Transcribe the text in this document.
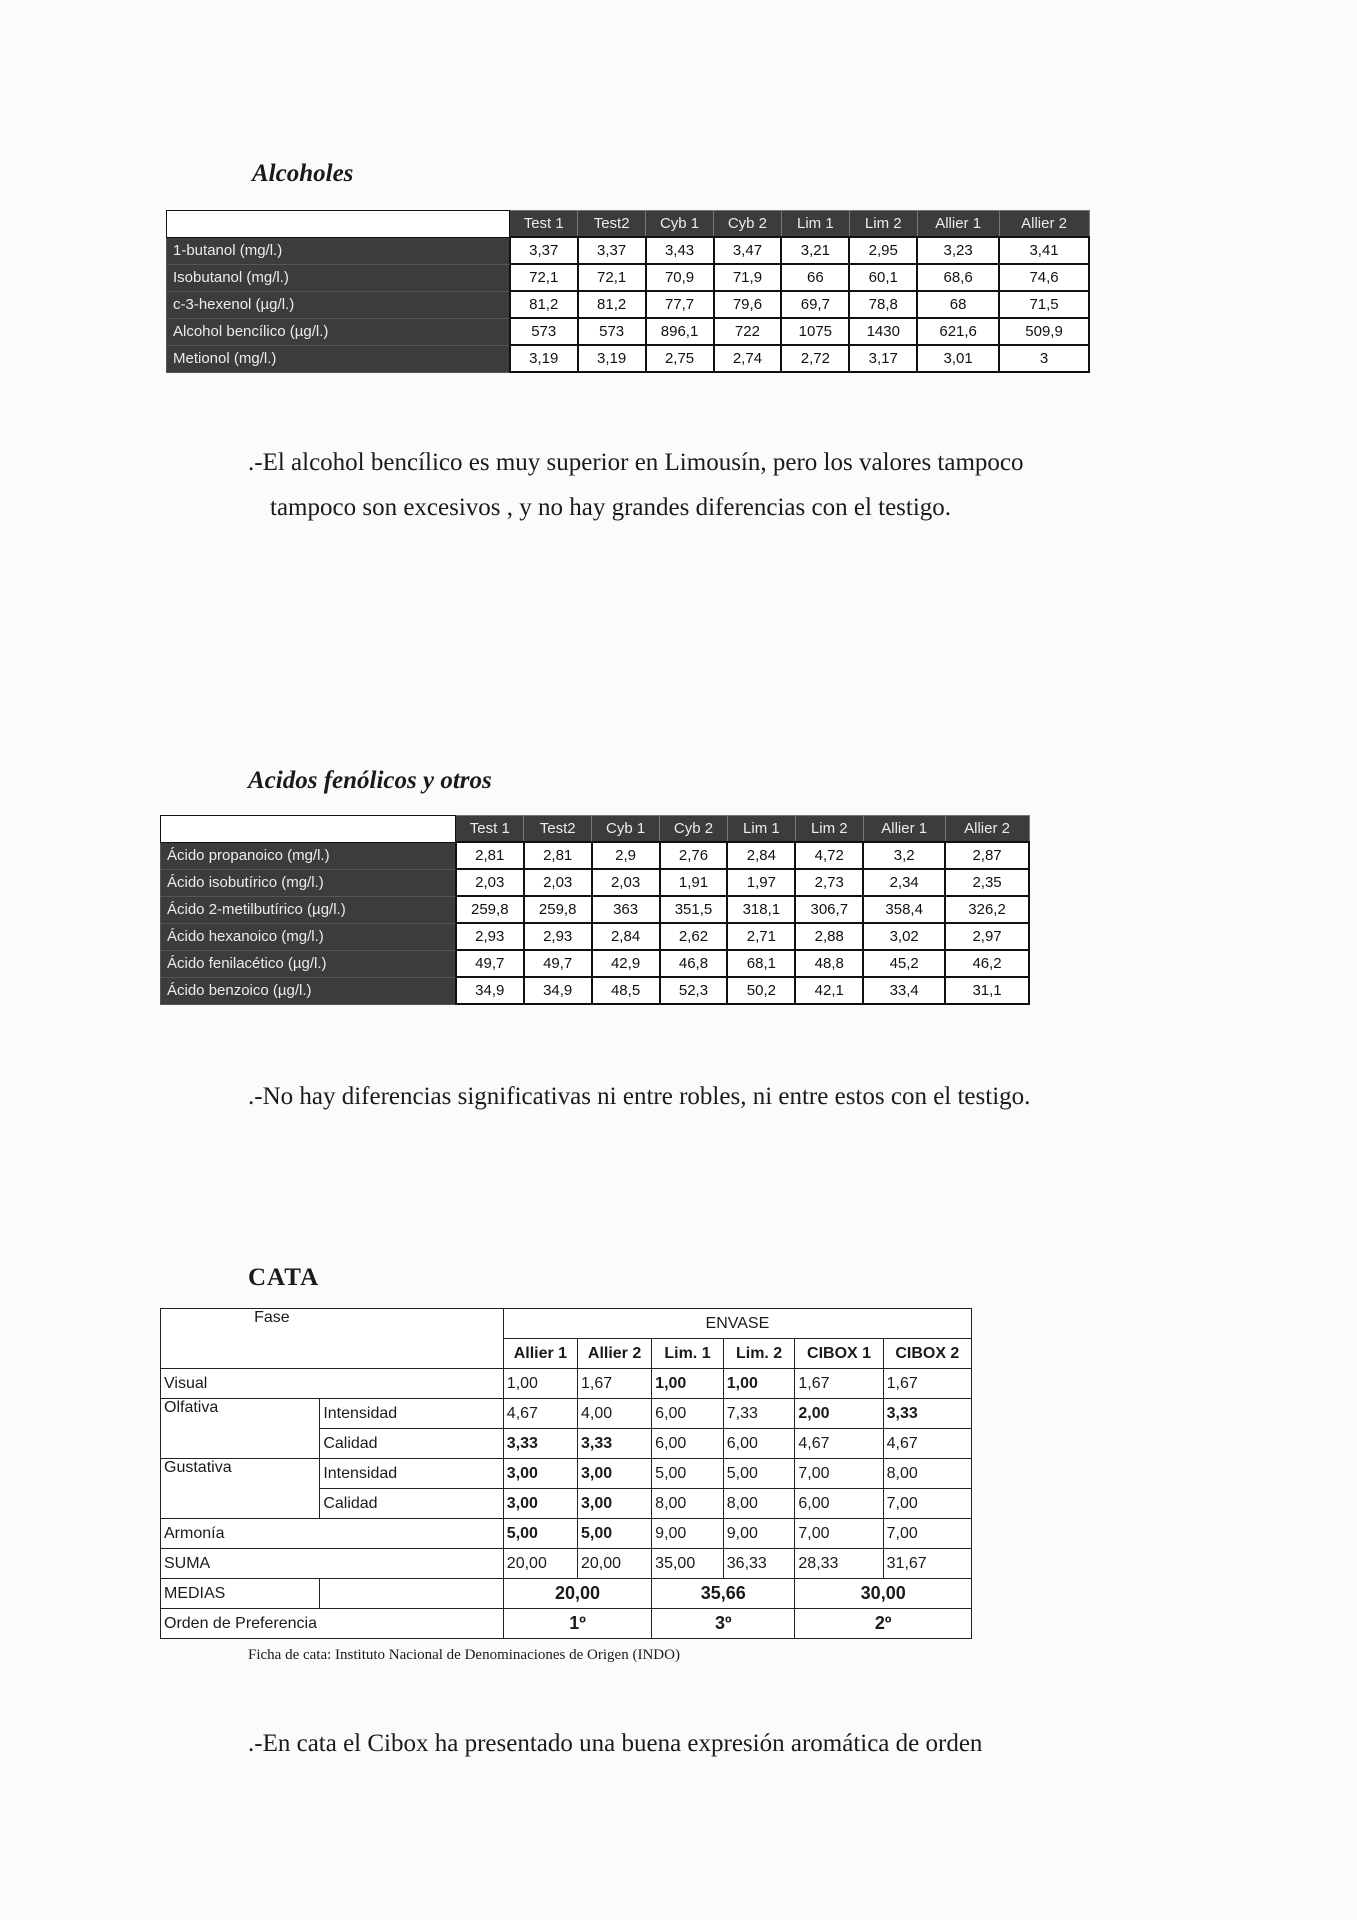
Alcoholes
	Test 1	Test2	Cyb 1	Cyb 2	Lim 1	Lim 2	Allier 1	Allier 2
1-butanol (mg/l.)	3,37	3,37	3,43	3,47	3,21	2,95	3,23	3,41
Isobutanol (mg/l.)	72,1	72,1	70,9	71,9	66	60,1	68,6	74,6
c-3-hexenol (µg/l.)	81,2	81,2	77,7	79,6	69,7	78,8	68	71,5
Alcohol bencílico (µg/l.)	573	573	896,1	722	1075	1430	621,6	509,9
Metionol (mg/l.)	3,19	3,19	2,75	2,74	2,72	3,17	3,01	3
.-El alcohol bencílico es muy superior en Limousín, pero los valores tampoco
tampoco son excesivos , y no hay grandes diferencias con el testigo.
Acidos fenólicos y otros
	Test 1	Test2	Cyb 1	Cyb 2	Lim 1	Lim 2	Allier 1	Allier 2
Ácido propanoico (mg/l.)	2,81	2,81	2,9	2,76	2,84	4,72	3,2	2,87
Ácido isobutírico (mg/l.)	2,03	2,03	2,03	1,91	1,97	2,73	2,34	2,35
Ácido 2-metilbutírico (µg/l.)	259,8	259,8	363	351,5	318,1	306,7	358,4	326,2
Ácido hexanoico (mg/l.)	2,93	2,93	2,84	2,62	2,71	2,88	3,02	2,97
Ácido fenilacético (µg/l.)	49,7	49,7	42,9	46,8	68,1	48,8	45,2	46,2
Ácido benzoico (µg/l.)	34,9	34,9	48,5	52,3	50,2	42,1	33,4	31,1
.-No hay diferencias significativas ni entre robles, ni entre estos con el testigo.
CATA
Fase		ENVASE					
		Allier 1	Allier 2	Lim. 1	Lim. 2	CIBOX 1	CIBOX 2
Visual		1,00	1,67	1,00	1,00	1,67	1,67
Olfativa	Intensidad	4,67	4,00	6,00	7,33	2,00	3,33
	Calidad	3,33	3,33	6,00	6,00	4,67	4,67
Gustativa	Intensidad	3,00	3,00	5,00	5,00	7,00	8,00
	Calidad	3,00	3,00	8,00	8,00	6,00	7,00
Armonía		5,00	5,00	9,00	9,00	7,00	7,00
SUMA		20,00	20,00	35,00	36,33	28,33	31,67
MEDIAS		20,00		35,66		30,00	
Orden de Preferencia		1º		3º		2º	
Ficha de cata: Instituto Nacional de Denominaciones de Origen (INDO)
.-En cata el Cibox ha presentado una buena expresión aromática de orden
